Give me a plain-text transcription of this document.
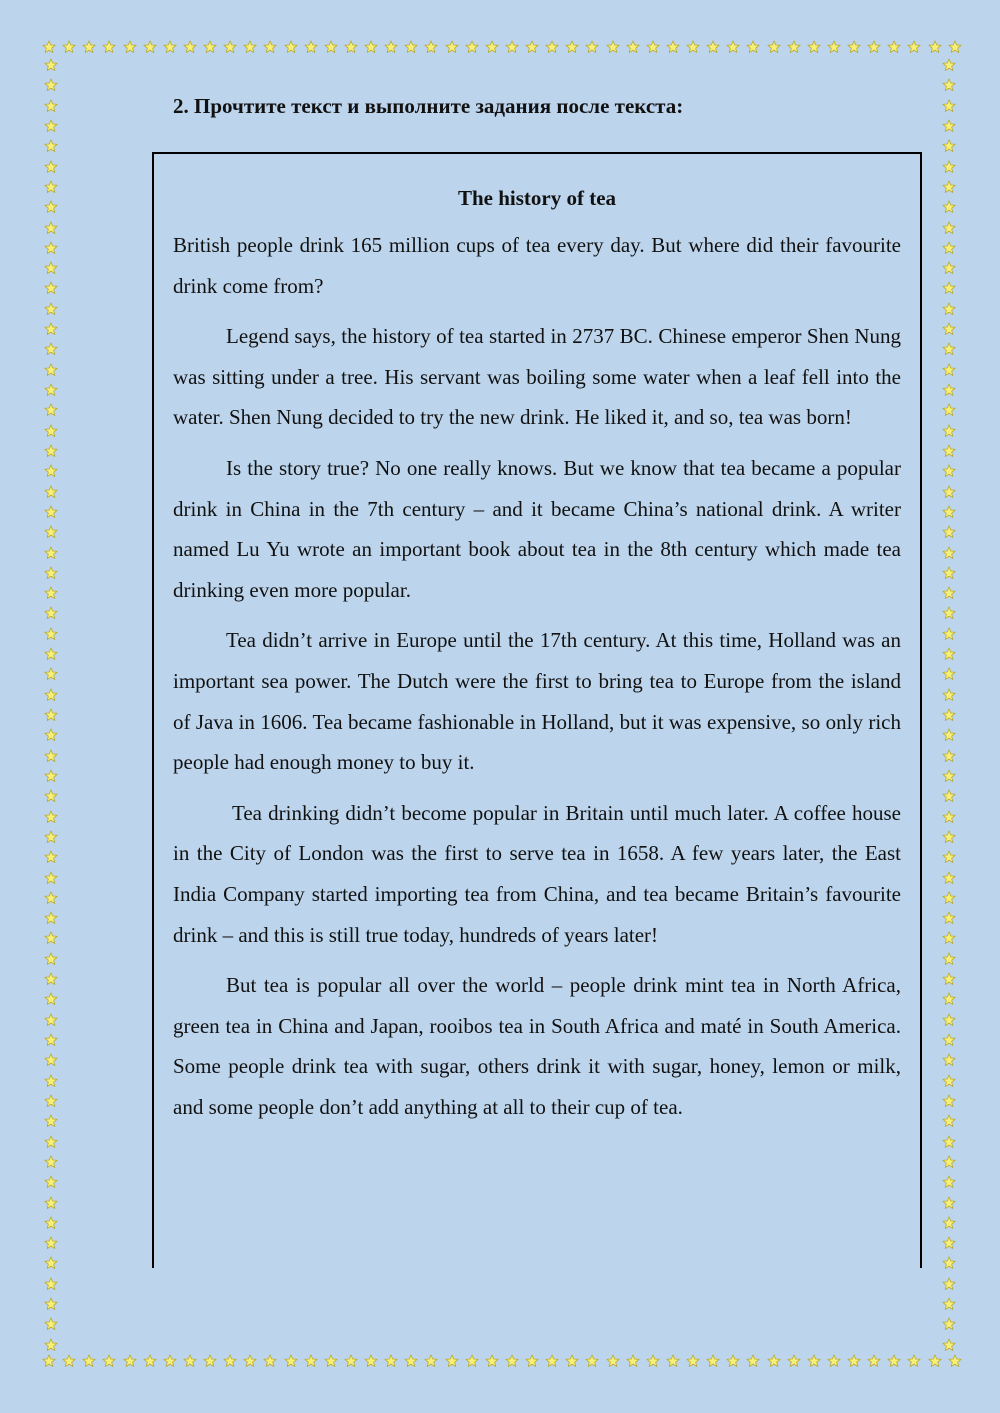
2. Прочтите текст и выполните задания после текста:
The history of tea

British people drink 165 million cups of tea every day. But where did their favourite drink come from?

Legend says, the history of tea started in 2737 BC. Chinese emperor Shen Nung was sitting under a tree. His servant was boiling some water when a leaf fell into the water. Shen Nung decided to try the new drink. He liked it, and so, tea was born!

Is the story true? No one really knows. But we know that tea became a popular drink in China in the 7th century – and it became China’s national drink. A writer named Lu Yu wrote an important book about tea in the 8th century which made tea drinking even more popular.

Tea didn’t arrive in Europe until the 17th century. At this time, Holland was an important sea power. The Dutch were the first to bring tea to Europe from the island of Java in 1606. Tea became fashionable in Holland, but it was expensive, so only rich people had enough money to buy it.

Tea drinking didn’t become popular in Britain until much later. A coffee house in the City of London was the first to serve tea in 1658. A few years later, the East India Company started importing tea from China, and tea became Britain’s favourite drink – and this is still true today, hundreds of years later!

But tea is popular all over the world – people drink mint tea in North Africa, green tea in China and Japan, rooibos tea in South Africa and maté in South America. Some people drink tea with sugar, others drink it with sugar, honey, lemon or milk, and some people don’t add anything at all to their cup of tea.
